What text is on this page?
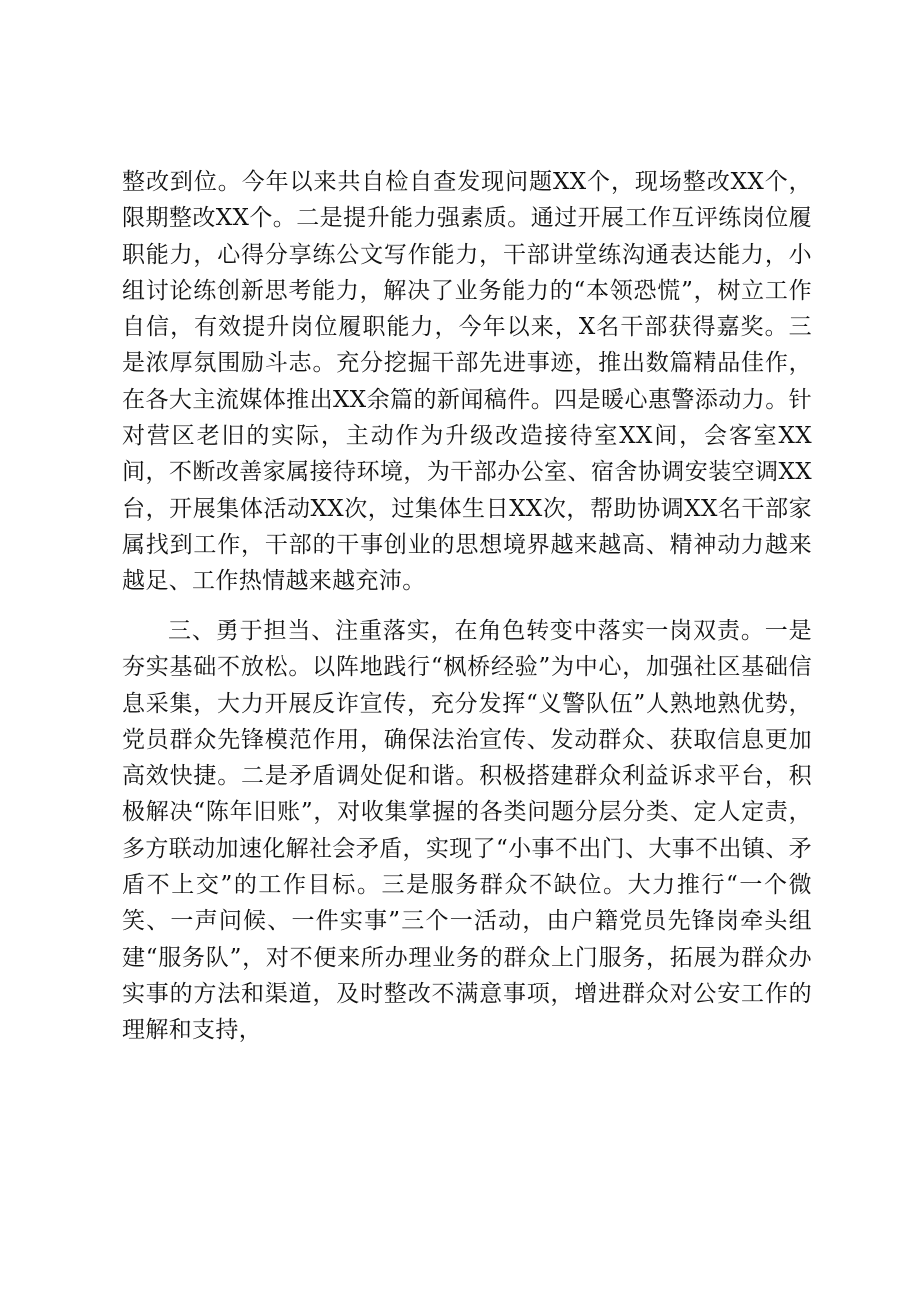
整改到位。今年以来共自检自查发现问题XX个，现场整改XX个，限期整改XX个。二是提升能力强素质。通过开展工作互评练岗位履职能力，心得分享练公文写作能力，干部讲堂练沟通表达能力，小组讨论练创新思考能力，解决了业务能力的“本领恐慌”，树立工作自信，有效提升岗位履职能力，今年以来，X名干部获得嘉奖。三是浓厚氛围励斗志。充分挖掘干部先进事迹，推出数篇精品佳作，在各大主流媒体推出XX余篇的新闻稿件。四是暖心惠警添动力。针对营区老旧的实际，主动作为升级改造接待室XX间，会客室XX间，不断改善家属接待环境，为干部办公室、宿舍协调安装空调XX台，开展集体活动XX次，过集体生日XX次，帮助协调XX名干部家属找到工作，干部的干事创业的思想境界越来越高、精神动力越来越足、工作热情越来越充沛。

三、勇于担当、注重落实，在角色转变中落实一岗双责。一是夯实基础不放松。以阵地践行“枫桥经验”为中心，加强社区基础信息采集，大力开展反诈宣传，充分发挥“义警队伍”人熟地熟优势，党员群众先锋模范作用，确保法治宣传、发动群众、获取信息更加高效快捷。二是矛盾调处促和谐。积极搭建群众利益诉求平台，积极解决“陈年旧账”，对收集掌握的各类问题分层分类、定人定责，多方联动加速化解社会矛盾，实现了“小事不出门、大事不出镇、矛盾不上交”的工作目标。三是服务群众不缺位。大力推行“一个微笑、一声问候、一件实事”三个一活动，由户籍党员先锋岗牵头组建“服务队”，对不便来所办理业务的群众上门服务，拓展为群众办实事的方法和渠道，及时整改不满意事项，增进群众对公安工作的理解和支持，
